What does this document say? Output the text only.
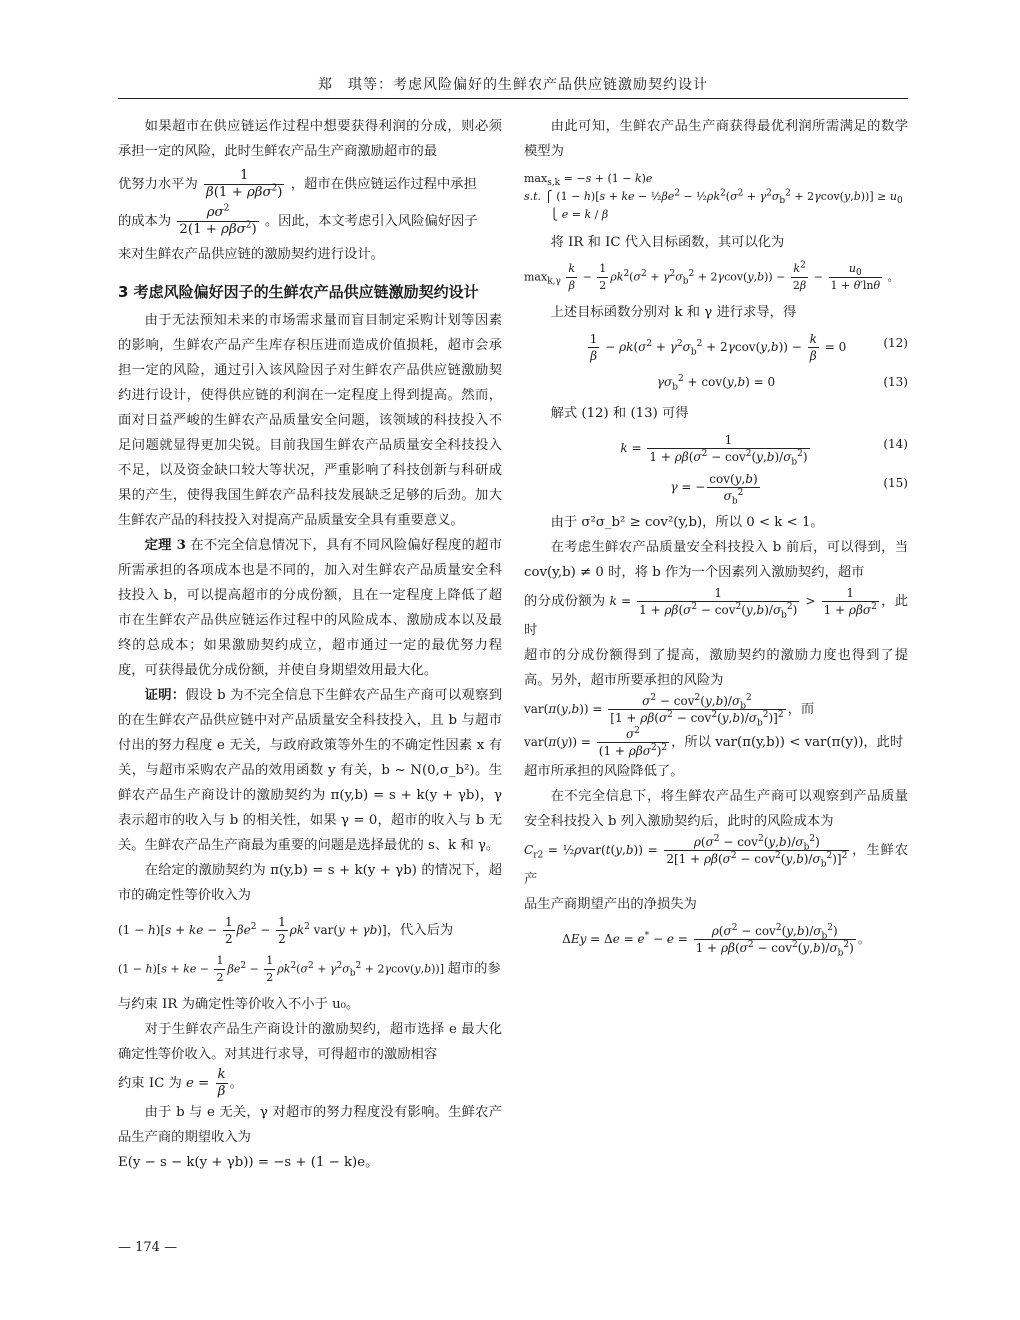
郑　琪等：考虑风险偏好的生鲜农产品供应链激励契约设计

如果超市在供应链运作过程中想要获得利润的分成，则必须承担一定的风险，此时生鲜农产品生产商激励超市的最

优努力水平为 $\frac{1}{\beta(1 + \rho\beta\sigma^2)}$ ，超市在供应链运作过程中承担

的成本为 $\frac{\rho\sigma^2}{2(1 + \rho\beta\sigma^2)}$ 。因此，本文考虑引入风险偏好因子

来对生鲜农产品供应链的激励契约进行设计。

3 考虑风险偏好因子的生鲜农产品供应链激励契约设计

由于无法预知未来的市场需求量而盲目制定采购计划等因素的影响，生鲜农产品产生库存积压进而造成价值损耗，超市会承担一定的风险，通过引入该风险因子对生鲜农产品供应链激励契约进行设计，使得供应链的利润在一定程度上得到提高。然而，面对日益严峻的生鲜农产品质量安全问题，该领域的科技投入不足问题就显得更加尖锐。目前我国生鲜农产品质量安全科技投入不足，以及资金缺口较大等状况，严重影响了科技创新与科研成果的产生，使得我国生鲜农产品科技发展缺乏足够的后劲。加大生鲜农产品的科技投入对提高产品质量安全具有重要意义。

定理 3 在不完全信息情况下，具有不同风险偏好程度的超市所需承担的各项成本也是不同的，加入对生鲜农产品质量安全科技投入 b，可以提高超市的分成份额，且在一定程度上降低了超市在生鲜农产品供应链运作过程中的风险成本、激励成本以及最终的总成本；如果激励契约成立，超市通过一定的最优努力程度，可获得最优分成份额，并使自身期望效用最大化。

证明：假设 b 为不完全信息下生鲜农产品生产商可以观察到的在生鲜农产品供应链中对产品质量安全科技投入，且 b 与超市付出的努力程度 e 无关，与政府政策等外生的不确定性因素 x 有关，与超市采购农产品的效用函数 y 有关，b ~ N(0,σ_b²)。生鲜农产品生产商设计的激励契约为 π(y,b) = s + k(y + γb)，γ 表示超市的收入与 b 的相关性，如果 γ = 0，超市的收入与 b 无关。生鲜农产品生产商最为重要的问题是选择最优的 s、k 和 γ。

在给定的激励契约为 π(y,b) = s + k(y + γb) 的情况下，超市的确定性等价收入为

(1 − h)[s + ke − $\frac{1}{2} \beta e^2 - \frac{1}{2} \rho k^2$ var(y + γb)]，代入后为
(1 − h)[s + ke − $\frac{1}{2} \beta e^2 - \frac{1}{2} \rho k^2(\sigma^2 + \gamma^2\sigma_b^2 + 2\gamma cov(y,b))$] 超市的参

与约束 IR 为确定性等价收入不小于 u₀。

对于生鲜农产品生产商设计的激励契约，超市选择 e 最大化确定性等价收入。对其进行求导，可得超市的激励相容

约束 IC 为 $e = \frac{k}{\beta}$ 。

由于 b 与 e 无关，γ 对超市的努力程度没有影响。生鲜农产品生产商的期望收入为

E(y − s − k(y + γb)) = −s + (1 − k)e。

由此可知，生鲜农产品生产商获得最优利润所需满足的数学模型为

$\max_{s,k} = -s + (1 - k)e$
s.t. ⎧ (1 − h)[s + ke − $\frac{1}{2}\beta e^2$ − $\frac{1}{2}\rho k^2(\sigma^2 + \gamma^2\sigma_b^2 + 2\gamma cov(y,b))] \ge u_0$
⎩ e = k / β

将 IR 和 IC 代入目标函数，其可以化为

$\max_{k,\gamma} \frac{k}{\beta} - \frac{1}{2} \rho k^2(\sigma^2 + \gamma^2\sigma_b^2 + 2\gamma cov(y,b)) - \frac{k^2}{2\beta} - \frac{u_0}{1 + \theta'\ln\theta}$ 。

上述目标函数分别对 k 和 γ 进行求导，得

$\frac{1}{\beta} - \rho k(\sigma^2 + \gamma^2\sigma_b^2 + 2\gamma cov(y,b)) - \frac{k}{\beta} = 0$	(12)
$\gamma\sigma_b^2 + cov(y,b) = 0$	(13)

解式 (12) 和 (13) 可得

$k = \frac{1}{1 + \rho\beta(\sigma^2 - cov^2(y,b)/\sigma_b^2)}$	(14)
γ = − $\frac{\text{cov(y,b)}}{\sigma_b^2}$	(15)

由于 σ²σ_b² ≥ cov²(y,b)，所以 0 < k < 1。

在考虑生鲜农产品质量安全科技投入 b 前后，可以得到，当 cov(y,b) ≠ 0 时，将 b 作为一个因素列入激励契约，超市

的分成份额为 $k = \frac{1}{1 + \rho\beta(\sigma^2 - cov^2(y,b)/\sigma_b^2)} > \frac{1}{1 + \rho\beta\sigma^2}$ ，此时

超市的分成份额得到了提高，激励契约的激励力度也得到了提高。另外，超市所要承担的风险为

$var(\pi(y,b)) = \frac{\sigma^2 - cov^2(y,b)/\sigma_b^2}{[1 + \rho\beta(\sigma^2 - cov^2(y,b)/\sigma_b^2)]^2}$ ，而

$var(\pi(y)) = \frac{\sigma^2}{(1 + \rho\beta\sigma^2)^2}$ ，所以 var(π(y,b)) < var(π(y))，此时

超市所承担的风险降低了。

在不完全信息下，将生鲜农产品生产商可以观察到产品质量安全科技投入 b 列入激励契约后，此时的风险成本为

$C_{r2}$ = ½ρvar(t(y,b)) = $\frac{\rho(\sigma^2 - cov^2(y,b)/\sigma_b^2)}{2[1 + \rho\beta(\sigma^2 - cov^2(y,b)/\sigma_b^2)]^2}$ ，生鲜农产

品生产商期望产出的净损失为

$\Delta Ey = \Delta e = e^* - e = \frac{\rho(\sigma^2 - cov^2(y,b)/\sigma_b^2)}{1 + \rho\beta(\sigma^2 - cov^2(y,b)/\sigma_b^2)}$ 。
— 174 —
